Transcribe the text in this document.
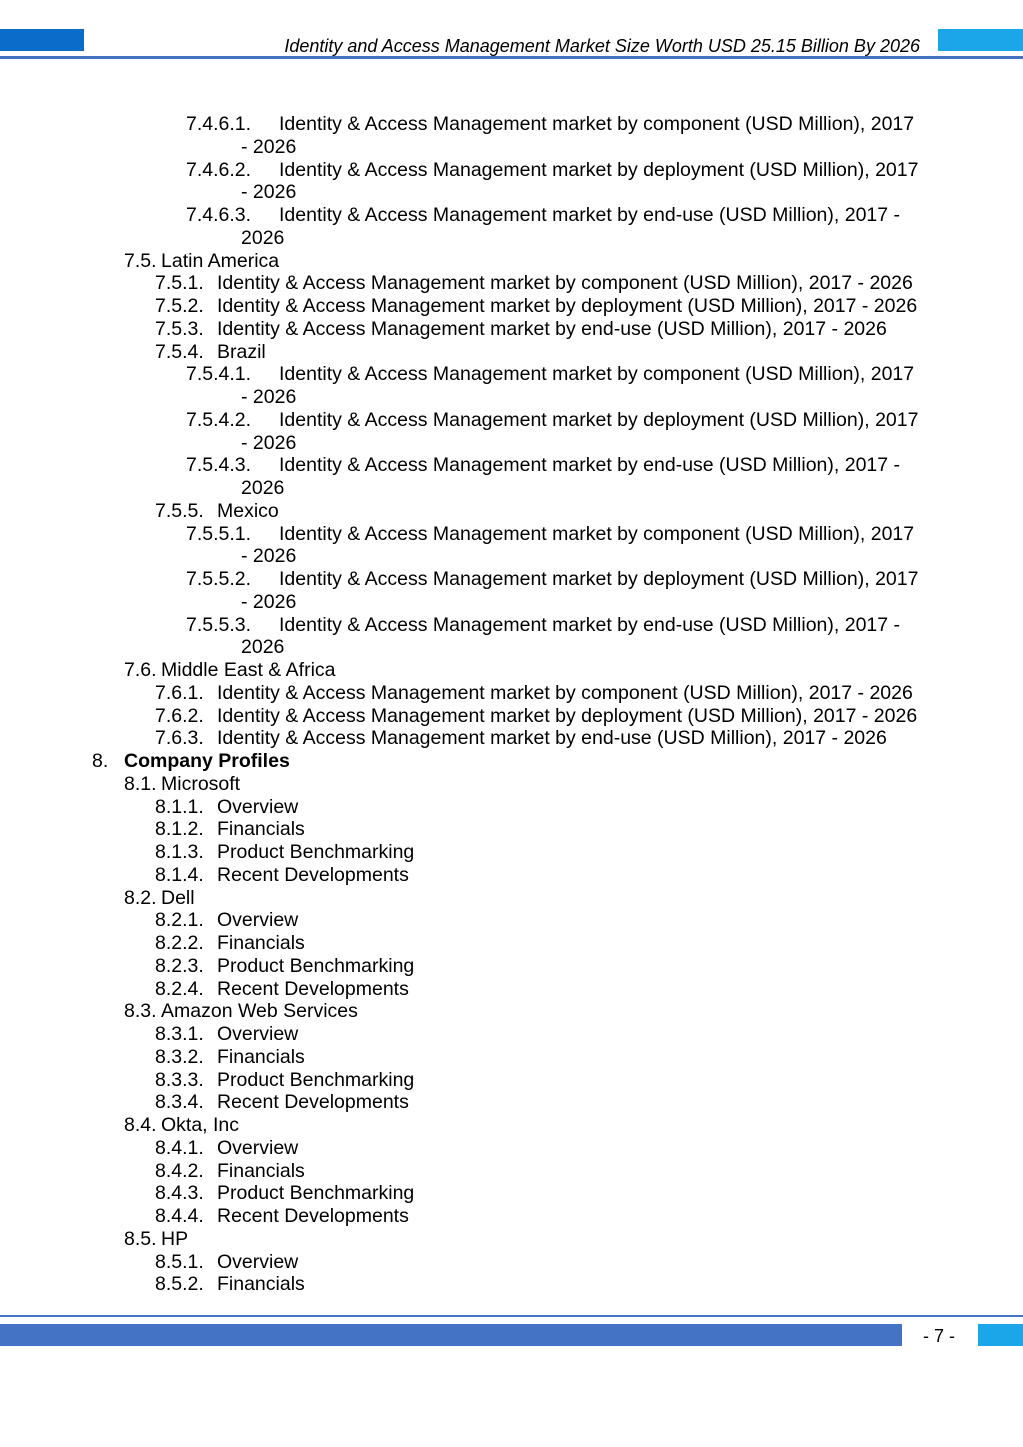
Identity and Access Management Market Size Worth USD 25.15 Billion By 2026
7.4.6.1. Identity & Access Management market by component (USD Million), 2017
- 2026
7.4.6.2. Identity & Access Management market by deployment (USD Million), 2017
- 2026
7.4.6.3. Identity & Access Management market by end-use (USD Million), 2017 -
2026
7.5. Latin America
7.5.1. Identity & Access Management market by component (USD Million), 2017 - 2026
7.5.2. Identity & Access Management market by deployment (USD Million), 2017 - 2026
7.5.3. Identity & Access Management market by end-use (USD Million), 2017 - 2026
7.5.4. Brazil
7.5.4.1. Identity & Access Management market by component (USD Million), 2017
- 2026
7.5.4.2. Identity & Access Management market by deployment (USD Million), 2017
- 2026
7.5.4.3. Identity & Access Management market by end-use (USD Million), 2017 -
2026
7.5.5. Mexico
7.5.5.1. Identity & Access Management market by component (USD Million), 2017
- 2026
7.5.5.2. Identity & Access Management market by deployment (USD Million), 2017
- 2026
7.5.5.3. Identity & Access Management market by end-use (USD Million), 2017 -
2026
7.6. Middle East & Africa
7.6.1. Identity & Access Management market by component (USD Million), 2017 - 2026
7.6.2. Identity & Access Management market by deployment (USD Million), 2017 - 2026
7.6.3. Identity & Access Management market by end-use (USD Million), 2017 - 2026
8. Company Profiles
8.1. Microsoft
8.1.1. Overview
8.1.2. Financials
8.1.3. Product Benchmarking
8.1.4. Recent Developments
8.2. Dell
8.2.1. Overview
8.2.2. Financials
8.2.3. Product Benchmarking
8.2.4. Recent Developments
8.3. Amazon Web Services
8.3.1. Overview
8.3.2. Financials
8.3.3. Product Benchmarking
8.3.4. Recent Developments
8.4. Okta, Inc
8.4.1. Overview
8.4.2. Financials
8.4.3. Product Benchmarking
8.4.4. Recent Developments
8.5. HP
8.5.1. Overview
8.5.2. Financials
- 7 -
